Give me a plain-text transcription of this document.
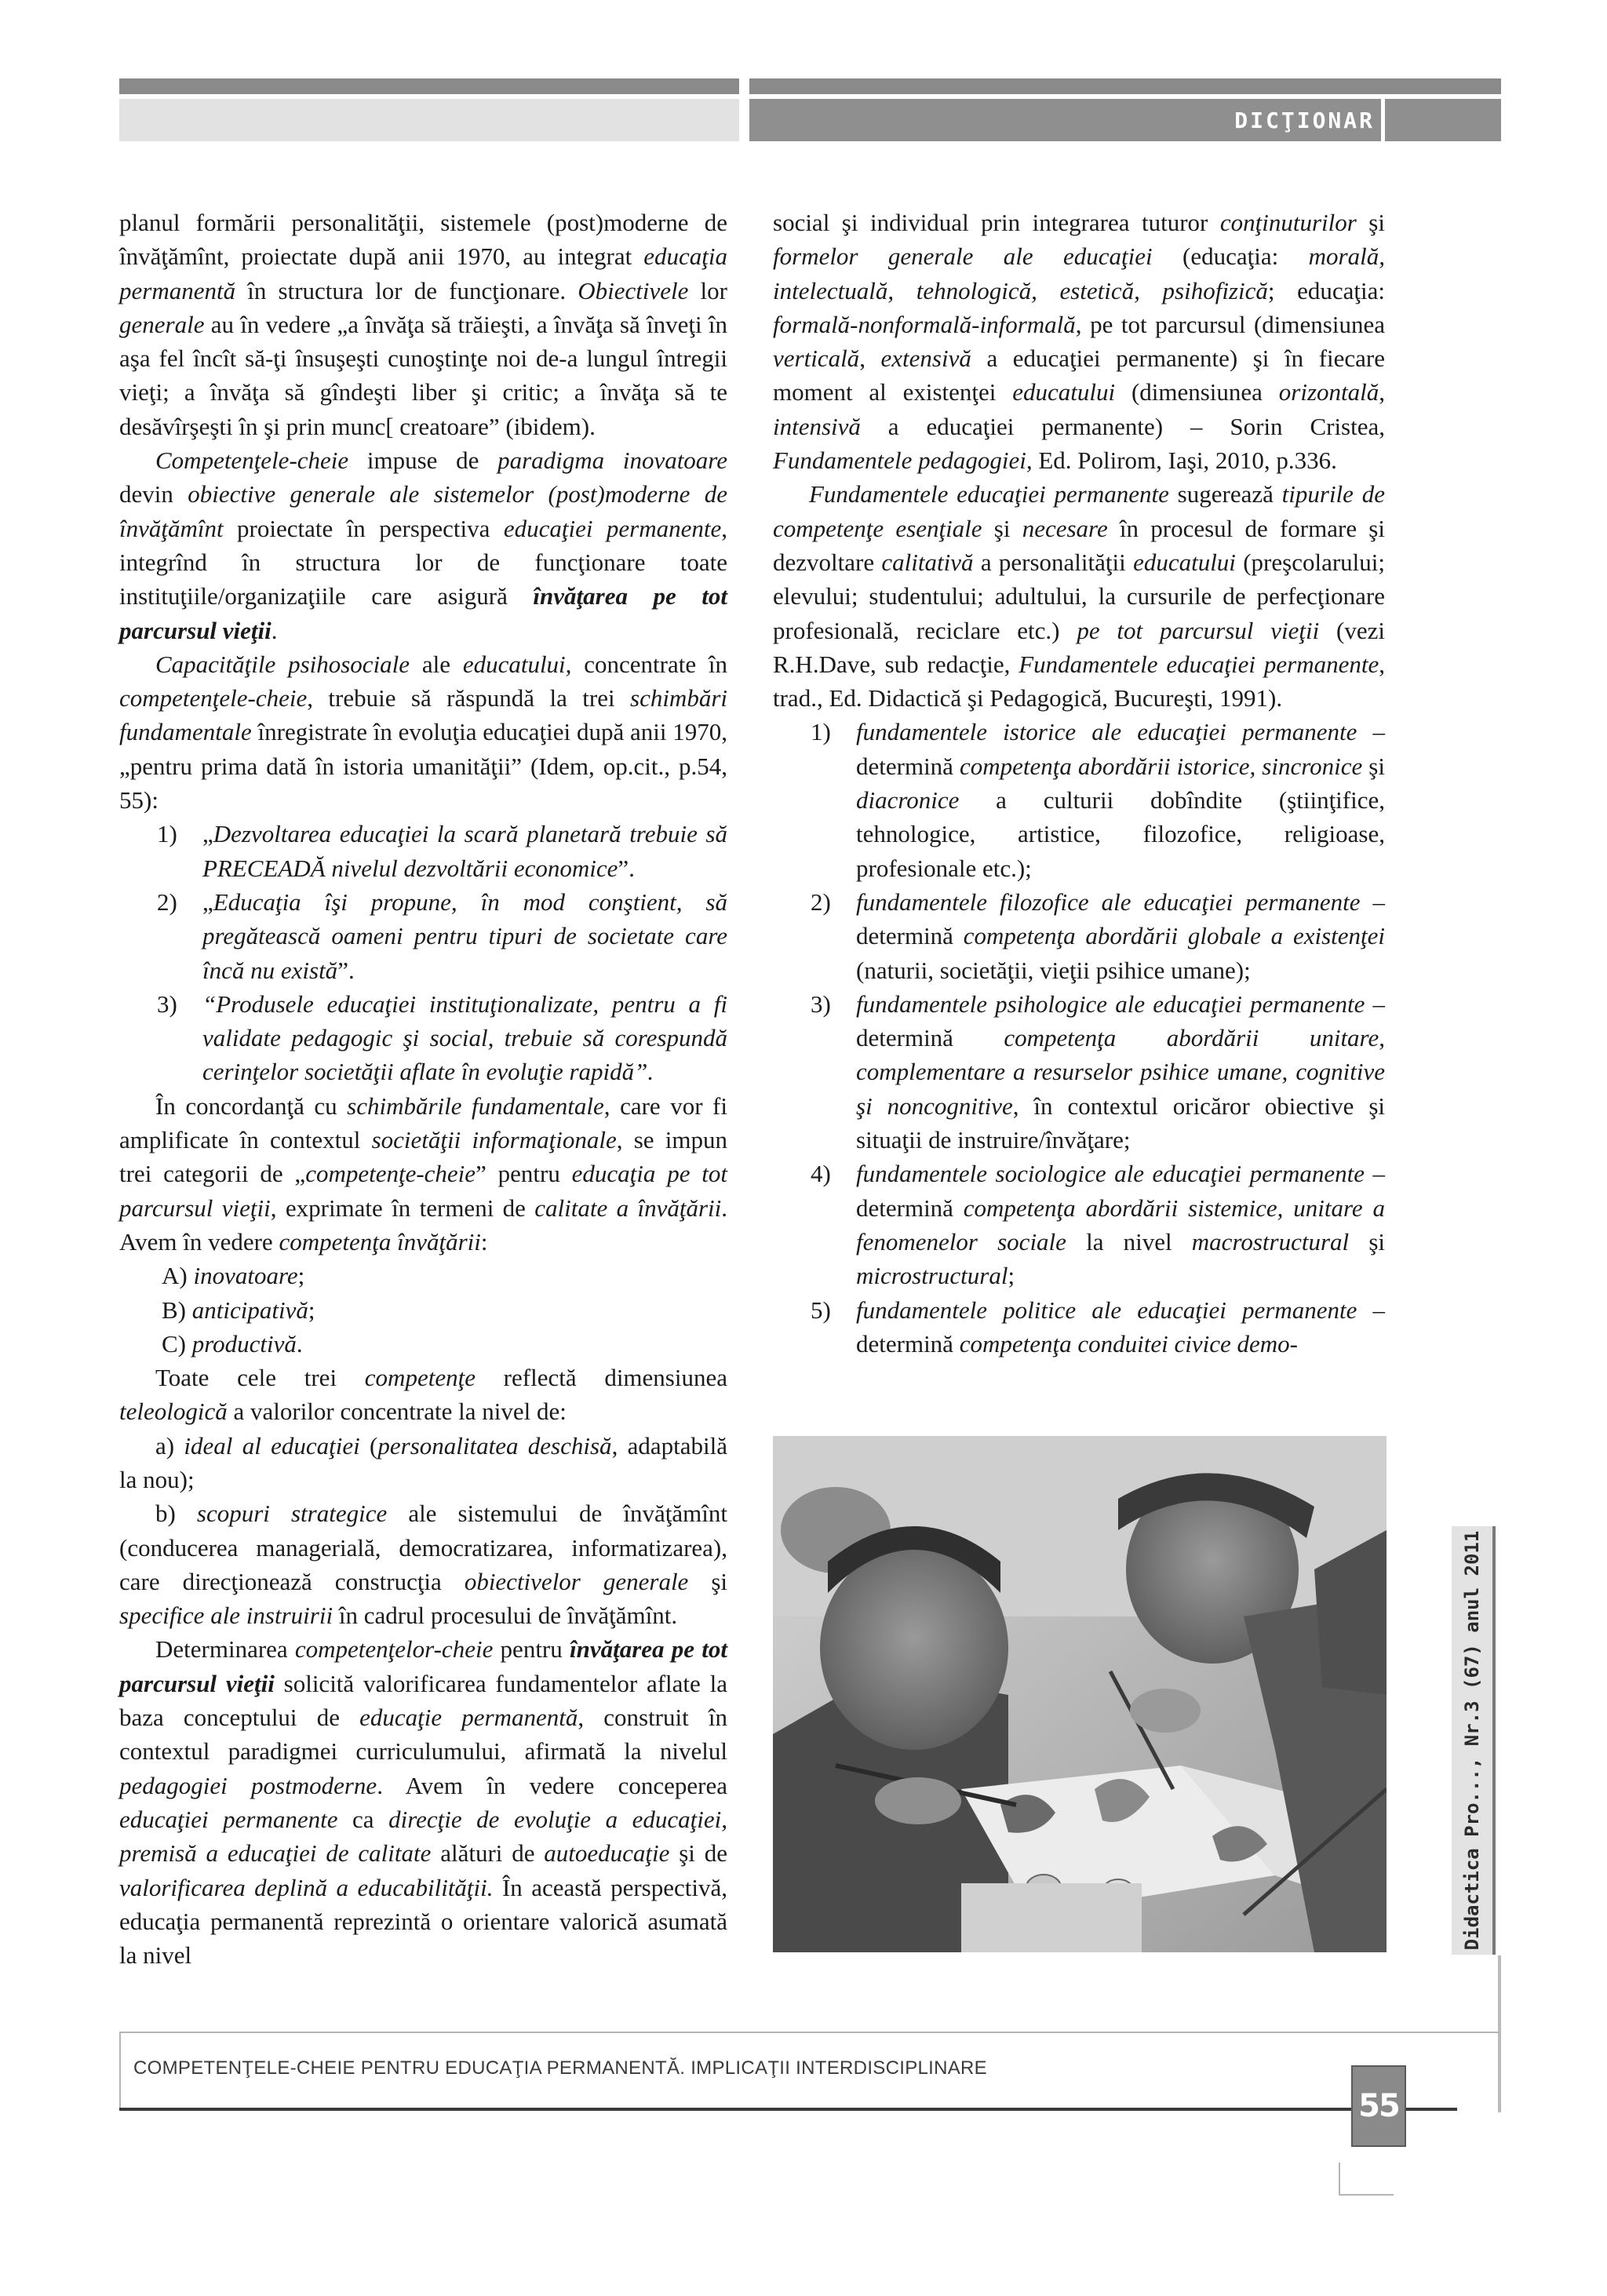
DICŢIONAR

planul formării personalităţii, sistemele (post)moderne de învăţămînt, proiectate după anii 1970, au integrat educaţia permanentă în structura lor de funcţionare. Obiectivele lor generale au în vedere „a învăţa să trăieşti, a învăţa să înveţi în aşa fel încît să-ţi însuşeşti cunoştinţe noi de-a lungul întregii vieţi; a învăţa să gîndeşti liber şi critic; a învăţa să te desăvîrşeşti în şi prin munc[ creatoare” (ibidem).

Competenţele-cheie impuse de paradigma inovatoare devin obiective generale ale sistemelor (post)moderne de învăţămînt proiectate în perspectiva educaţiei permanente, integrînd în structura lor de funcţionare toate instituţiile/organizaţiile care asigură învăţarea pe tot parcursul vieţii.

Capacităţile psihosociale ale educatului, concentrate în competenţele-cheie, trebuie să răspundă la trei schimbări fundamentale înregistrate în evoluţia educaţiei după anii 1970, „pentru prima dată în istoria umanităţii” (Idem, op.cit., p.54, 55):

1) „Dezvoltarea educaţiei la scară planetară trebuie să PRECEADĂ nivelul dezvoltării economice”.

2) „Educaţia îşi propune, în mod conştient, să pregătească oameni pentru tipuri de societate care încă nu există”.

3) “Produsele educaţiei instituţionalizate, pentru a fi validate pedagogic şi social, trebuie să corespundă cerinţelor societăţii aflate în evoluţie rapidă”.

În concordanţă cu schimbările fundamentale, care vor fi amplificate în contextul societăţii informaţionale, se impun trei categorii de „competenţe-cheie” pentru educaţia pe tot parcursul vieţii, exprimate în termeni de calitate a învăţării. Avem în vedere competenţa învăţării:

A) inovatoare;

B) anticipativă;

C) productivă.

Toate cele trei competenţe reflectă dimensiunea teleologică a valorilor concentrate la nivel de:

a) ideal al educaţiei (personalitatea deschisă, adaptabilă la nou);

b) scopuri strategice ale sistemului de învăţămînt (conducerea managerială, democratizarea, informatizarea), care direcţionează construcţia obiectivelor generale şi specifice ale instruirii în cadrul procesului de învăţămînt.

Determinarea competenţelor-cheie pentru învăţarea pe tot parcursul vieţii solicită valorificarea fundamentelor aflate la baza conceptului de educaţie permanentă, construit în contextul paradigmei curriculumului, afirmată la nivelul pedagogiei postmoderne. Avem în vedere conceperea educaţiei permanente ca direcţie de evoluţie a educaţiei, premisă a educaţiei de calitate alături de autoeducaţie şi de valorificarea deplină a educabilităţii. În această perspectivă, educaţia permanentă reprezintă o orientare valorică asumată la nivel

social şi individual prin integrarea tuturor conţinuturilor şi formelor generale ale educaţiei (educaţia: morală, intelectuală, tehnologică, estetică, psihofizică; educaţia: formală-nonformală-informală, pe tot parcursul (dimensiunea verticală, extensivă a educaţiei permanente) şi în fiecare moment al existenţei educatului (dimensiunea orizontală, intensivă a educaţiei permanente) – Sorin Cristea, Fundamentele pedagogiei, Ed. Polirom, Iaşi, 2010, p.336.

Fundamentele educaţiei permanente sugerează tipurile de competenţe esenţiale şi necesare în procesul de formare şi dezvoltare calitativă a personalităţii educatului (preşcolarului; elevului; studentului; adultului, la cursurile de perfecţionare profesională, reciclare etc.) pe tot parcursul vieţii (vezi R.H.Dave, sub redacţie, Fundamentele educaţiei permanente, trad., Ed. Didactică şi Pedagogică, Bucureşti, 1991).

1) fundamentele istorice ale educaţiei permanente – determină competenţa abordării istorice, sincronice şi diacronice a culturii dobîndite (ştiinţifice, tehnologice, artistice, filozofice, religioase, profesionale etc.);

2) fundamentele filozofice ale educaţiei permanente – determină competenţa abordării globale a existenţei (naturii, societăţii, vieţii psihice umane);

3) fundamentele psihologice ale educaţiei permanente – determină competenţa abordării unitare, complementare a resurselor psihice umane, cognitive şi noncognitive, în contextul oricăror obiective şi situaţii de instruire/învăţare;

4) fundamentele sociologice ale educaţiei permanente – determină competenţa abordării sistemice, unitare a fenomenelor sociale la nivel macrostructural şi microstructural;

5) fundamentele politice ale educaţiei permanente – determină competenţa conduitei civice demo-

Didactica Pro..., Nr.3 (67) anul 2011
COMPETENŢELE-CHEIE PENTRU EDUCAŢIA PERMANENTĂ. IMPLICAŢII INTERDISCIPLINARE
55
